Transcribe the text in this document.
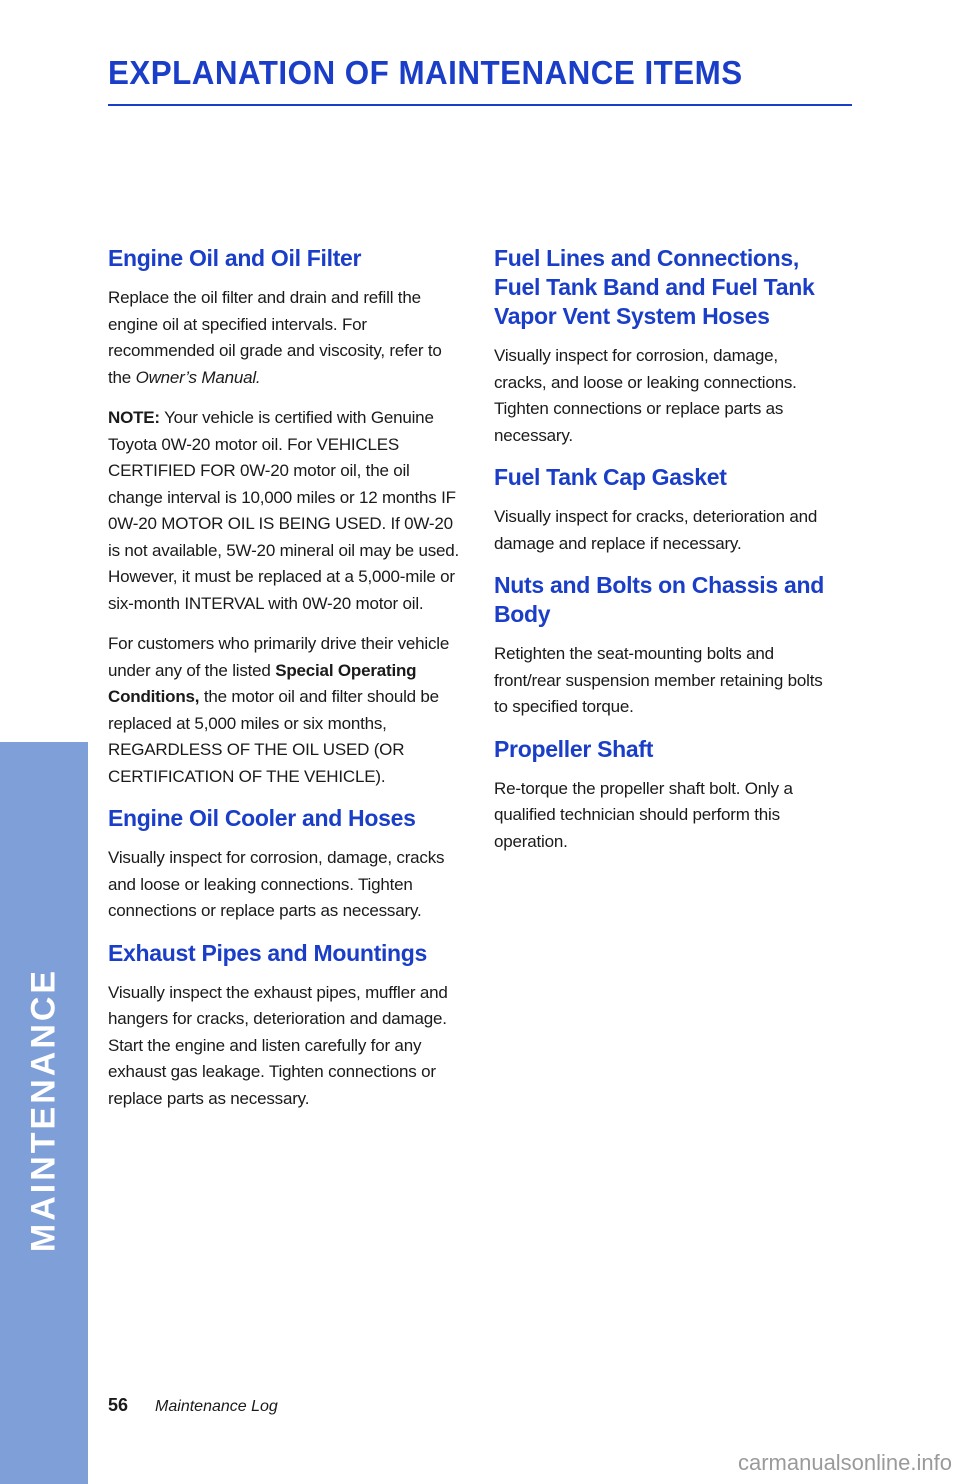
EXPLANATION OF MAINTENANCE ITEMS
Engine Oil and Oil Filter

Replace the oil filter and drain and refill the engine oil at specified intervals. For recommended oil grade and viscosity, refer to the Owner’s Manual.

NOTE: Your vehicle is certified with Genuine Toyota 0W-20 motor oil. For VEHICLES CERTIFIED FOR 0W-20 motor oil, the oil change interval is 10,000 miles or 12 months IF 0W-20 MOTOR OIL IS BEING USED. If 0W-20 is not available, 5W-20 mineral oil may be used. However, it must be replaced at a 5,000-mile or six-month INTERVAL with 0W-20 motor oil.

For customers who primarily drive their vehicle under any of the listed Special Operating Conditions, the motor oil and filter should be replaced at 5,000 miles or six months, REGARDLESS OF THE OIL USED (OR CERTIFICATION OF THE VEHICLE).

Engine Oil Cooler and Hoses

Visually inspect for corrosion, damage, cracks and loose or leaking connections. Tighten connections or replace parts as necessary.

Exhaust Pipes and Mountings

Visually inspect the exhaust pipes, muffler and hangers for cracks, deterioration and damage. Start the engine and listen carefully for any exhaust gas leakage. Tighten connections or replace parts as necessary.

Fuel Lines and Connections, Fuel Tank Band and Fuel Tank Vapor Vent System Hoses

Visually inspect for corrosion, damage, cracks, and loose or leaking connections. Tighten connections or replace parts as necessary.

Fuel Tank Cap Gasket

Visually inspect for cracks, deterioration and damage and replace if necessary.

Nuts and Bolts on Chassis and Body

Retighten the seat-mounting bolts and front/rear suspension member retaining bolts to specified torque.

Propeller Shaft

Re-torque the propeller shaft bolt. Only a qualified technician should perform this operation.

MAINTENANCE
56 Maintenance Log
carmanualsonline.info
